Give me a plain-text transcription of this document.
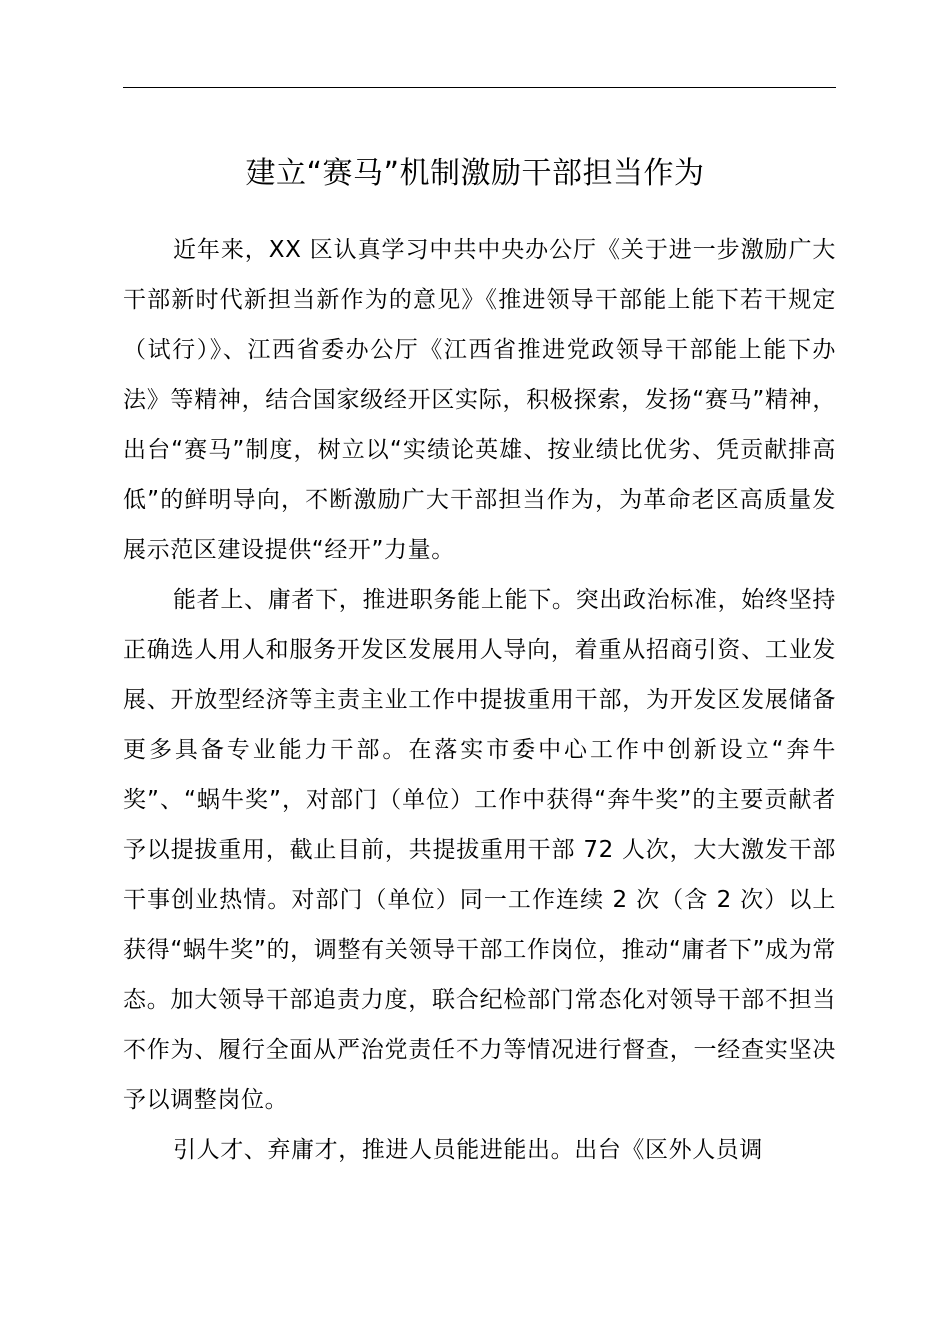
建立“赛马”机制激励干部担当作为

近年来，XX 区认真学习中共中央办公厅《关于进一步激励广大干部新时代新担当新作为的意见》《推进领导干部能上能下若干规定（试行）》、江西省委办公厅《江西省推进党政领导干部能上能下办法》等精神，结合国家级经开区实际，积极探索，发扬“赛马”精神，出台“赛马”制度，树立以“实绩论英雄、按业绩比优劣、凭贡献排高低”的鲜明导向，不断激励广大干部担当作为，为革命老区高质量发展示范区建设提供“经开”力量。

能者上、庸者下，推进职务能上能下。突出政治标准，始终坚持正确选人用人和服务开发区发展用人导向，着重从招商引资、工业发展、开放型经济等主责主业工作中提拔重用干部，为开发区发展储备更多具备专业能力干部。在落实市委中心工作中创新设立“奔牛奖”、“蜗牛奖”，对部门（单位）工作中获得“奔牛奖”的主要贡献者予以提拔重用，截止目前，共提拔重用干部 72 人次，大大激发干部干事创业热情。对部门（单位）同一工作连续 2 次（含 2 次）以上获得“蜗牛奖”的，调整有关领导干部工作岗位，推动“庸者下”成为常态。加大领导干部追责力度，联合纪检部门常态化对领导干部不担当不作为、履行全面从严治党责任不力等情况进行督查，一经查实坚决予以调整岗位。

引人才、弃庸才，推进人员能进能出。出台《区外人员调
